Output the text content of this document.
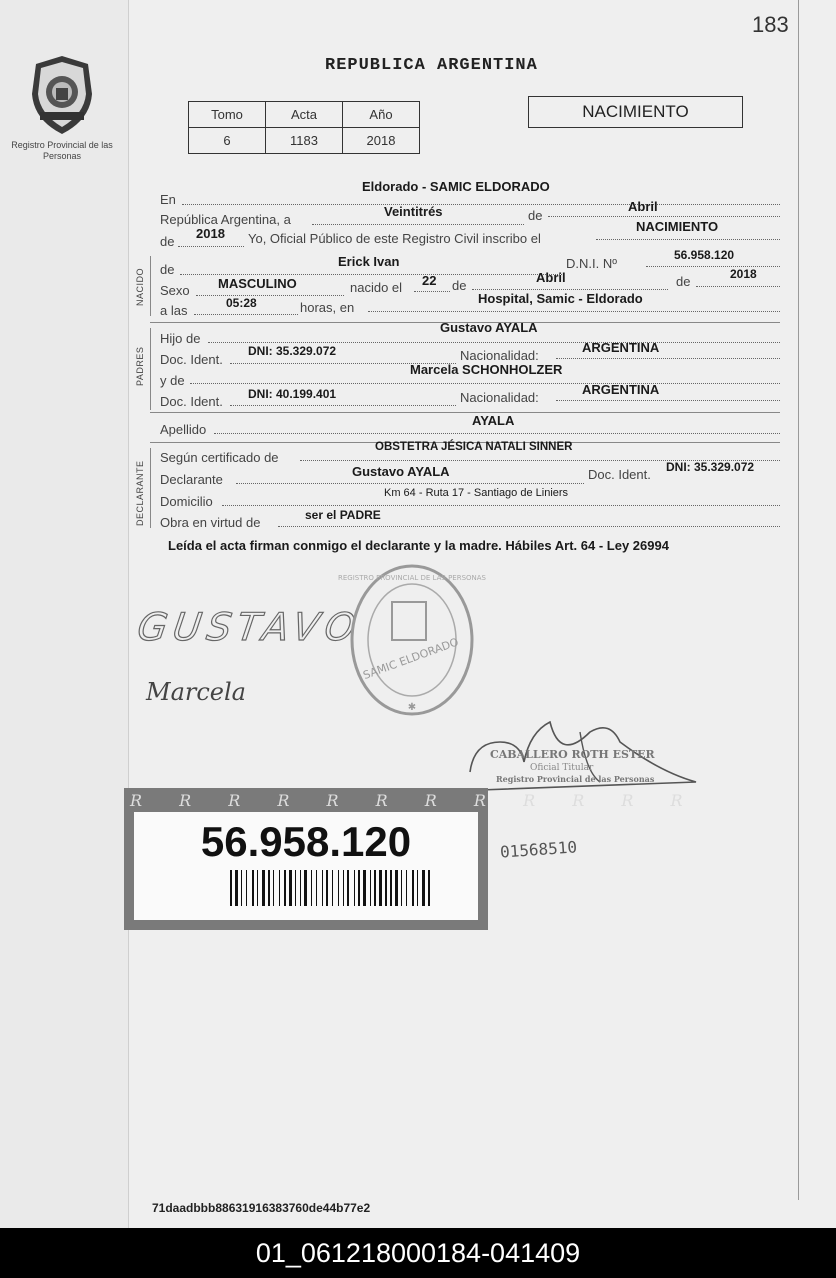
183
Registro Provincial de las Personas
REPUBLICA ARGENTINA
Tomo	Acta	Año
6	1183	2018
NACIMIENTO
En
Eldorado - SAMIC ELDORADO
República Argentina, a
Veintitrés	de
Abril
de
2018 Yo, Oficial Público de este Registro Civil inscribo el
NACIMIENTO
NACIDO de
Erick Ivan	D.N.I. Nº
56.958.120
Sexo MASCULINO	nacido el 22 de
Abril	de	2018
a las	05:28	horas, en
Hospital, Samic - Eldorado
PADRES
Hijo de
Gustavo AYALA
Doc. Ident.
DNI: 35.329.072	Nacionalidad:
ARGENTINA
y de
Marcela SCHONHOLZER
Doc. Ident. DNI: 40.199.401	Nacionalidad:
ARGENTINA
Apellido
AYALA
DECLARANTE
Según certificado de
OBSTETRA JÉSICA NATALI SINNER
Declarante
Gustavo AYALA	Doc. Ident. DNI: 35.329.072
Domicilio
Km 64 - Ruta 17 - Santiago de Liniers
Obra en virtud de	ser el PADRE
Leída el acta firman conmigo el declarante y la madre. Hábiles Art. 64 - Ley 26994
GUSTAVO
Marcela
SAMIC ELDORADO
REGISTRO PROVINCIAL DE LAS PERSONAS
✱
CABALLERO ROTH ESTER
Oficial Titular
Registro Provincial de las Personas
R R R R R R R R R R R R
56.958.120	01568510
71daadbbb88631916383760de44b77e2
01_061218000184-041409
